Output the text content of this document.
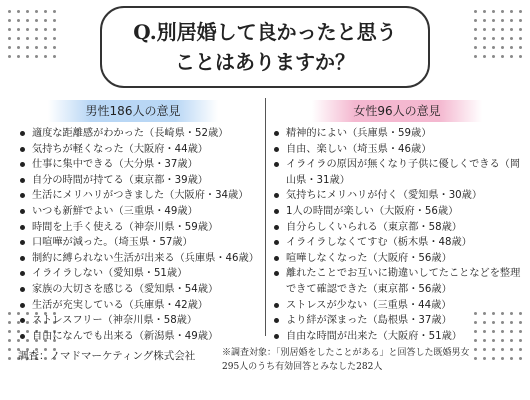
Q.別居婚して良かったと思う
ことはありますか？
男性186人の意見
適度な距離感がわかった（長崎県・52歳）
気持ちが軽くなった（大阪府・44歳）
仕事に集中できる（大分県・37歳）
自分の時間が持てる（東京都・39歳）
生活にメリハリがつきました（大阪府・34歳）
いつも新鮮でよい（三重県・49歳）
時間を上手く使える（神奈川県・59歳）
口喧嘩が減った。（埼玉県・57歳）
制約に縛られない生活が出来る（兵庫県・46歳）
イライラしない（愛知県・51歳）
家族の大切さを感じる（愛知県・54歳）
生活が充実している（兵庫県・42歳）
ストレスフリー（神奈川県・58歳）
自由になんでも出来る（新潟県・49歳）
女性96人の意見
精神的によい（兵庫県・59歳）
自由、楽しい（埼玉県・46歳）
イライラの原因が無くなり子供に優しくできる（岡山県・31歳）
気持ちにメリハリが付く（愛知県・30歳）
1人の時間が楽しい（大阪府・56歳）
自分らしくいられる（東京都・58歳）
イライラしなくてすむ（栃木県・48歳）
喧嘩しなくなった（大阪府・56歳）
離れたことでお互いに勘違いしてたことなどを整理できて確認できた（東京都・56歳）
ストレスが少ない（三重県・44歳）
より絆が深まった（島根県・37歳）
自由な時間が出来た（大阪府・51歳）
調査：ノマドマーケティング株式会社	※調査対象：「別居婚をしたことがある」と回答した既婚男女
295人のうち有効回答とみなした282人
